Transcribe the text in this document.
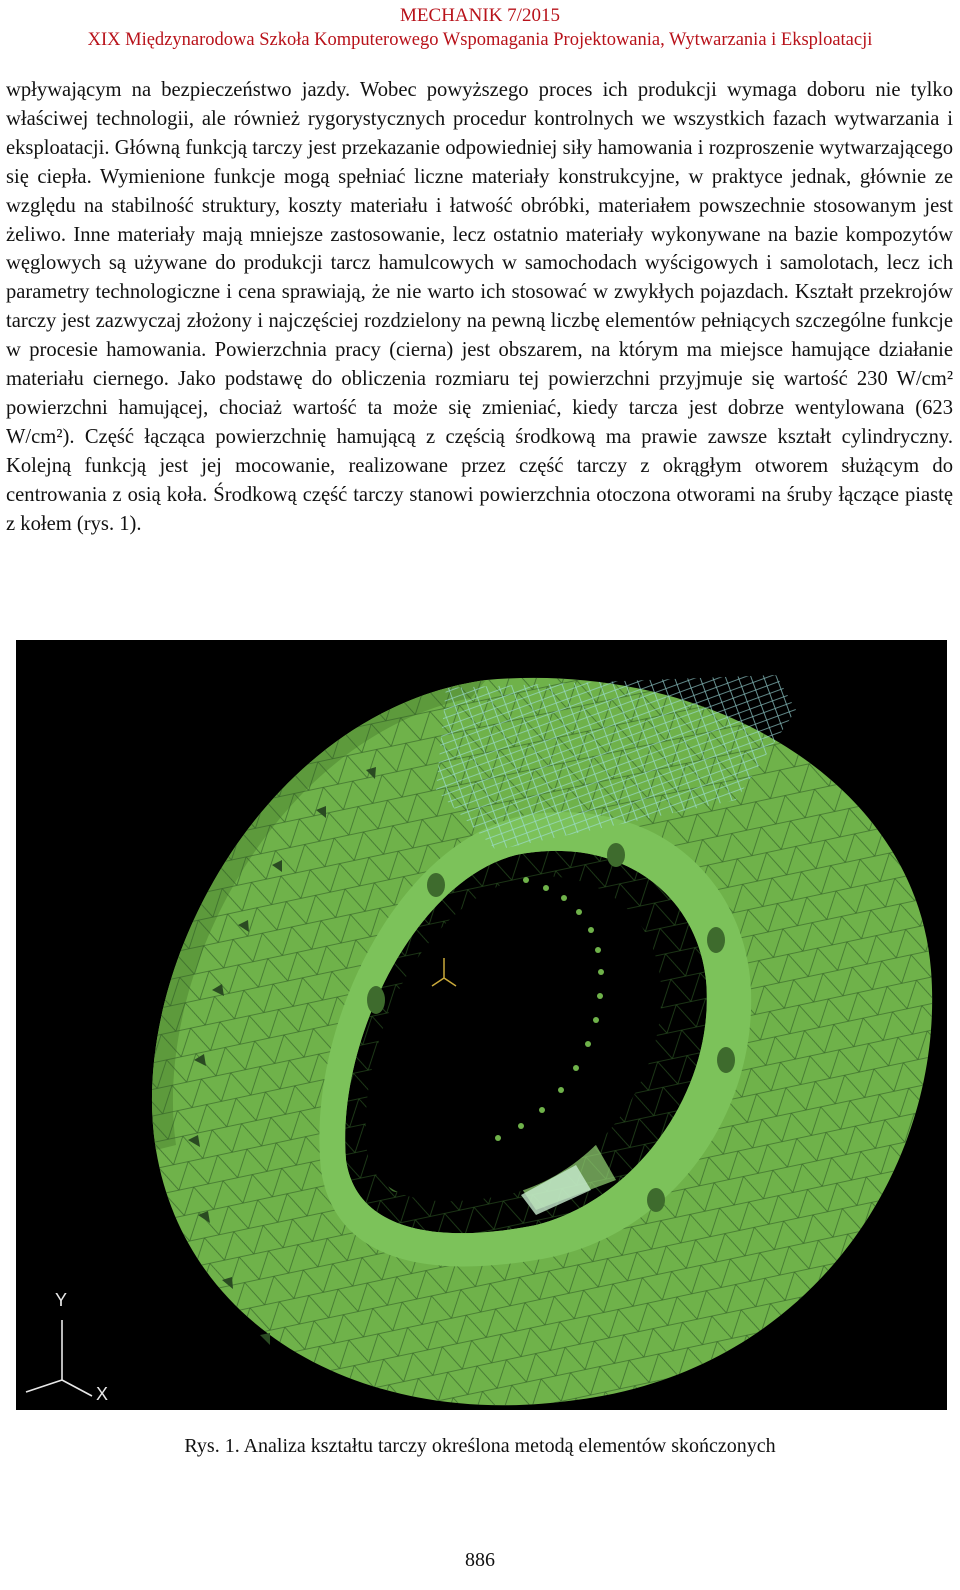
MECHANIK 7/2015
XIX Międzynarodowa Szkoła Komputerowego Wspomagania Projektowania, Wytwarzania i Eksploatacji
wpływającym na bezpieczeństwo jazdy. Wobec powyższego proces ich produkcji wymaga doboru nie tylko właściwej technologii, ale również rygorystycznych procedur kontrolnych we wszystkich fazach wytwarzania i eksploatacji. Główną funkcją tarczy jest przekazanie odpowiedniej siły hamowania i rozproszenie wytwarzającego się ciepła. Wymienione funkcje mogą spełniać liczne materiały konstrukcyjne, w praktyce jednak, głównie ze względu na stabilność struktury, koszty materiału i łatwość obróbki, materiałem powszechnie stosowanym jest żeliwo. Inne materiały mają mniejsze zastosowanie, lecz ostatnio materiały wykonywane na bazie kompozytów węglowych są używane do produkcji tarcz hamulcowych w samochodach wyścigowych i samolotach, lecz ich parametry technologiczne i cena sprawiają, że nie warto ich stosować w zwykłych pojazdach. Kształt przekrojów tarczy jest zazwyczaj złożony i najczęściej rozdzielony na pewną liczbę elementów pełniących szczególne funkcje w procesie hamowania. Powierzchnia pracy (cierna) jest obszarem, na którym ma miejsce hamujące działanie materiału ciernego. Jako podstawę do obliczenia rozmiaru tej powierzchni przyjmuje się wartość 230 W/cm² powierzchni hamującej, chociaż wartość ta może się zmieniać, kiedy tarcza jest dobrze wentylowana (623 W/cm²). Część łącząca powierzchnię hamującą z częścią środkową ma prawie zawsze kształt cylindryczny. Kolejną funkcją jest jej mocowanie, realizowane przez część tarczy z okrągłym otworem służącym do centrowania z osią koła. Środkową część tarczy stanowi powierzchnia otoczona otworami na śruby łączące piastę z kołem (rys. 1).
Y
X
Rys. 1. Analiza kształtu tarczy określona metodą elementów skończonych
886
